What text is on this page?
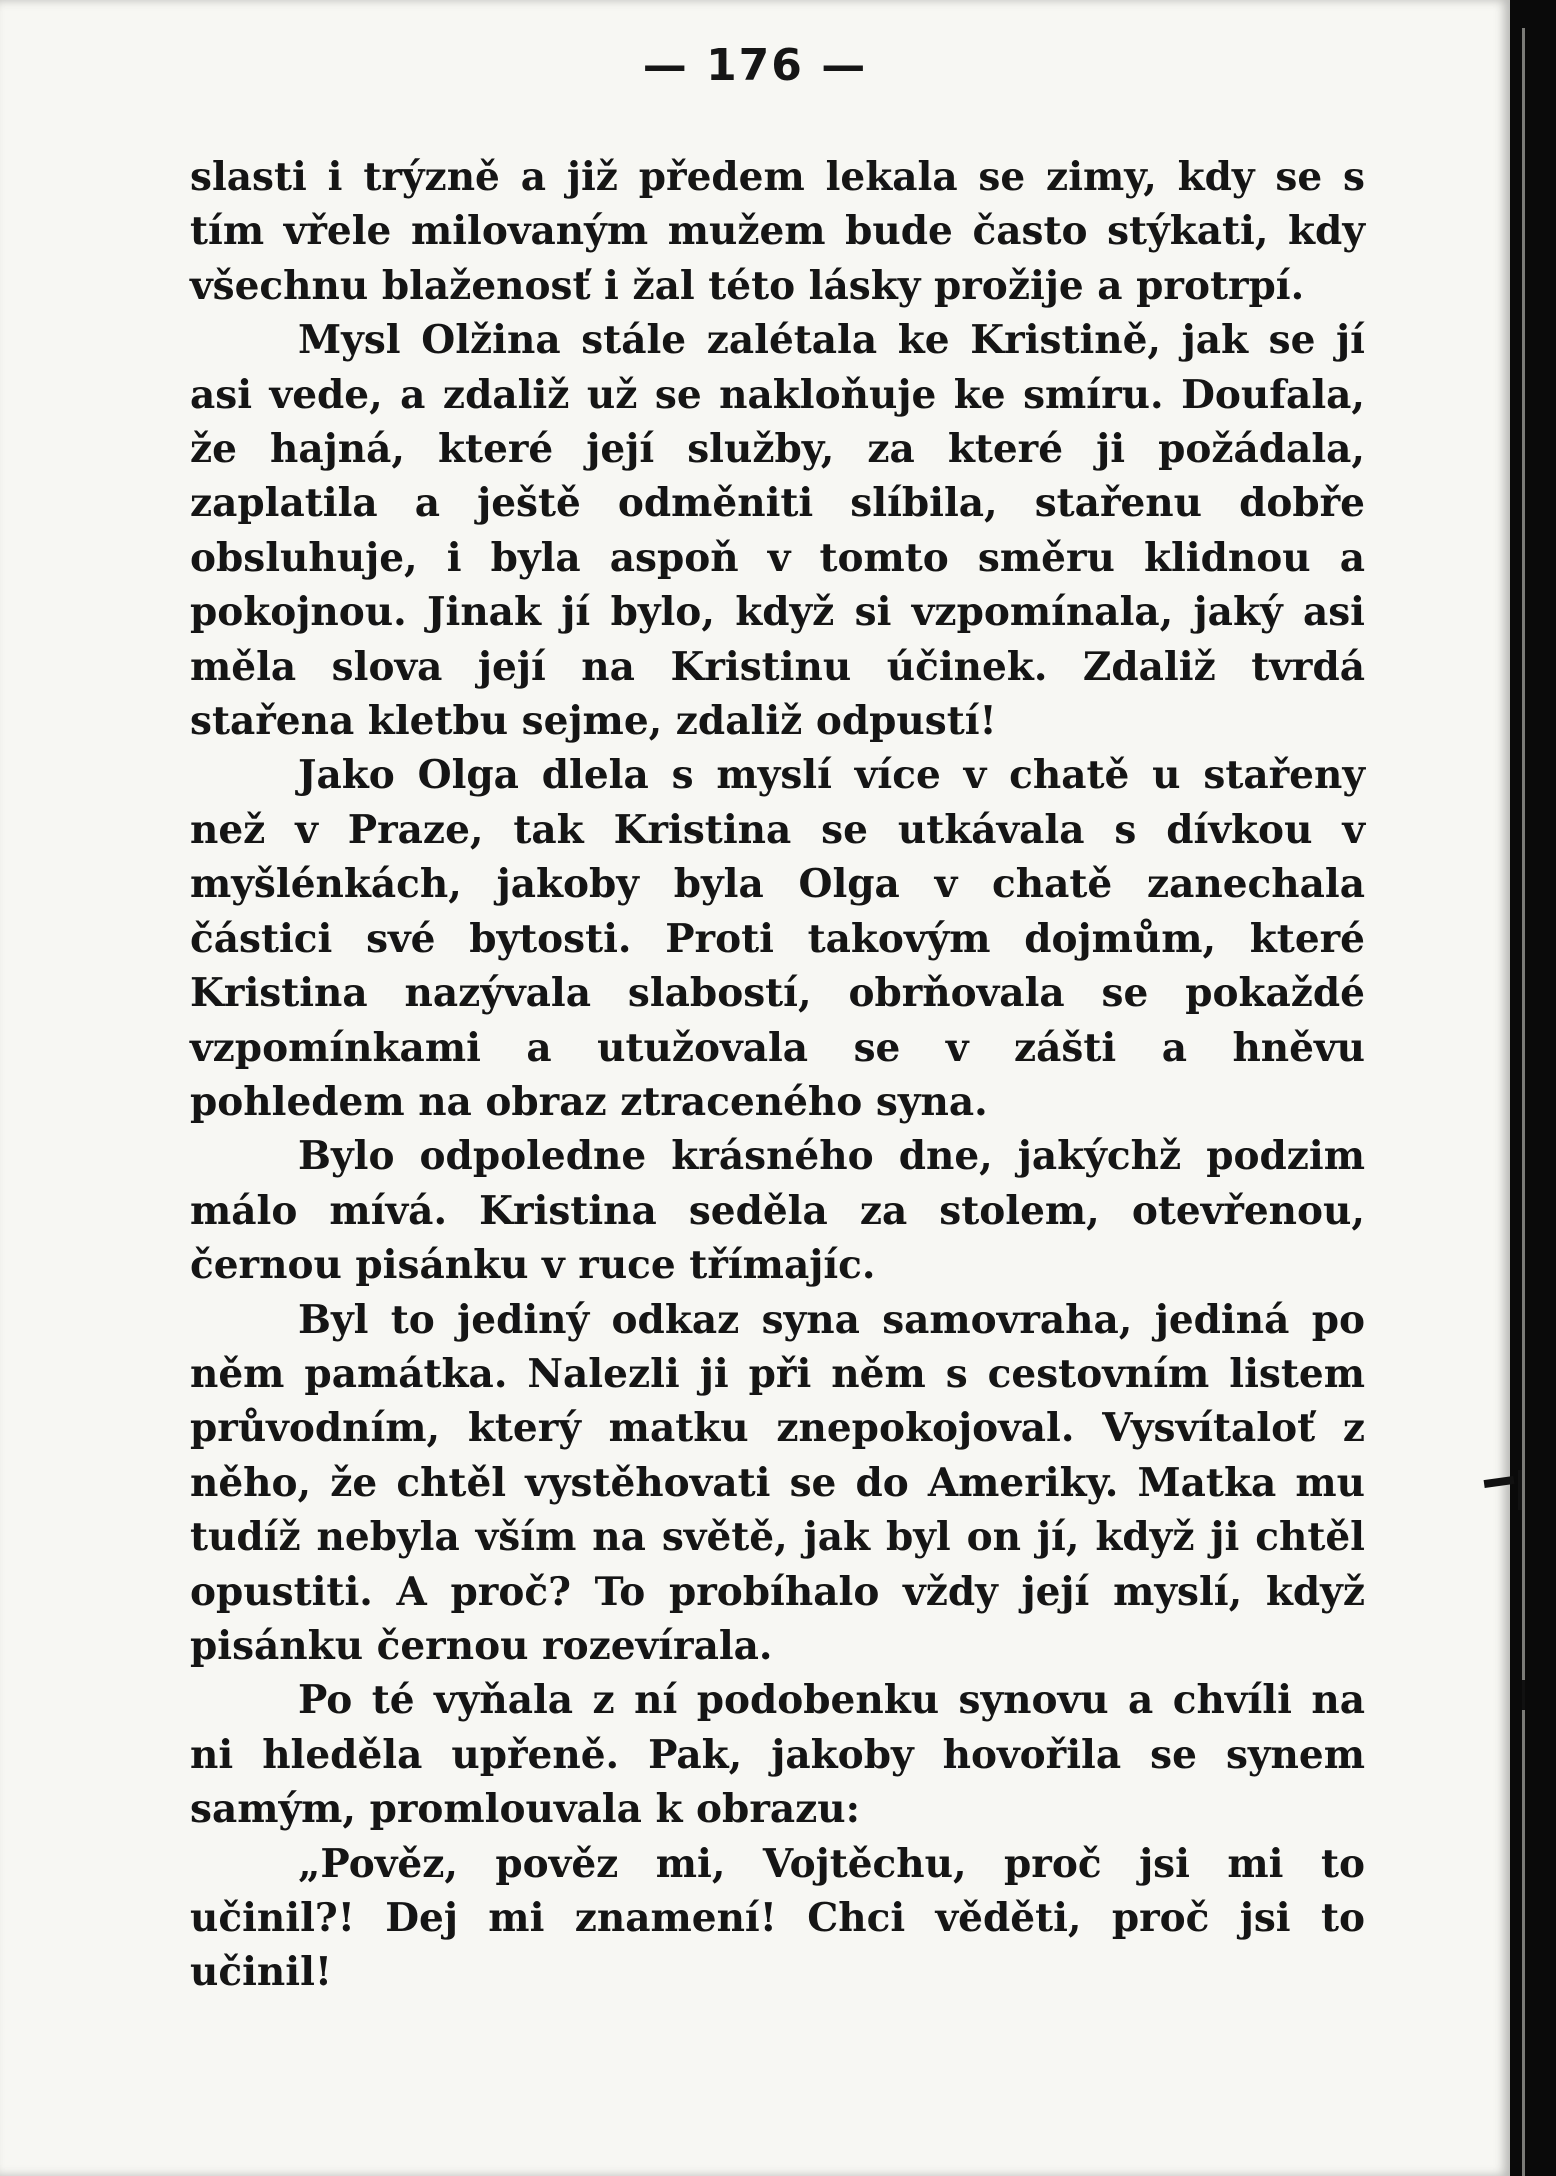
— 176 —

slasti i trýzně a již předem lekala se zimy, kdy se s tím vřele milovaným mužem bude často stýkati, kdy všechnu blaženosť i žal této lásky prožije a protrpí.

Mysl Olžina stále zalétala ke Kristině, jak se jí asi vede, a zdaliž už se nakloňuje ke smíru. Doufala, že hajná, které její služby, za které ji požádala, zaplatila a ještě odměniti slíbila, stařenu dobře obsluhuje, i byla aspoň v tomto směru klidnou a pokojnou. Jinak jí bylo, když si vzpomínala, jaký asi měla slova její na Kristinu účinek. Zdaliž tvrdá stařena kletbu sejme, zdaliž odpustí!

Jako Olga dlela s myslí více v chatě u stařeny než v Praze, tak Kristina se utkávala s dívkou v myšlénkách, jakoby byla Olga v chatě zanechala částici své bytosti. Proti takovým dojmům, které Kristina nazývala slabostí, obrňovala se pokaždé vzpomínkami a utužovala se v zášti a hněvu pohledem na obraz ztraceného syna.

Bylo odpoledne krásného dne, jakýchž podzim málo mívá. Kristina seděla za stolem, otevřenou, černou pisánku v ruce třímajíc.

Byl to jediný odkaz syna samovraha, jediná po něm památka. Nalezli ji při něm s cestovním listem průvodním, který matku znepokojoval. Vysvítaloť z něho, že chtěl vystěhovati se do Ameriky. Matka mu tudíž nebyla vším na světě, jak byl on jí, když ji chtěl opustiti. A proč? To probíhalo vždy její myslí, když pisánku černou rozevírala.

Po té vyňala z ní podobenku synovu a chvíli na ni hleděla upřeně. Pak, jakoby hovořila se synem samým, promlouvala k obrazu:

„Pověz, pověz mi, Vojtěchu, proč jsi mi to učinil?! Dej mi znamení! Chci věděti, proč jsi to učinil!
